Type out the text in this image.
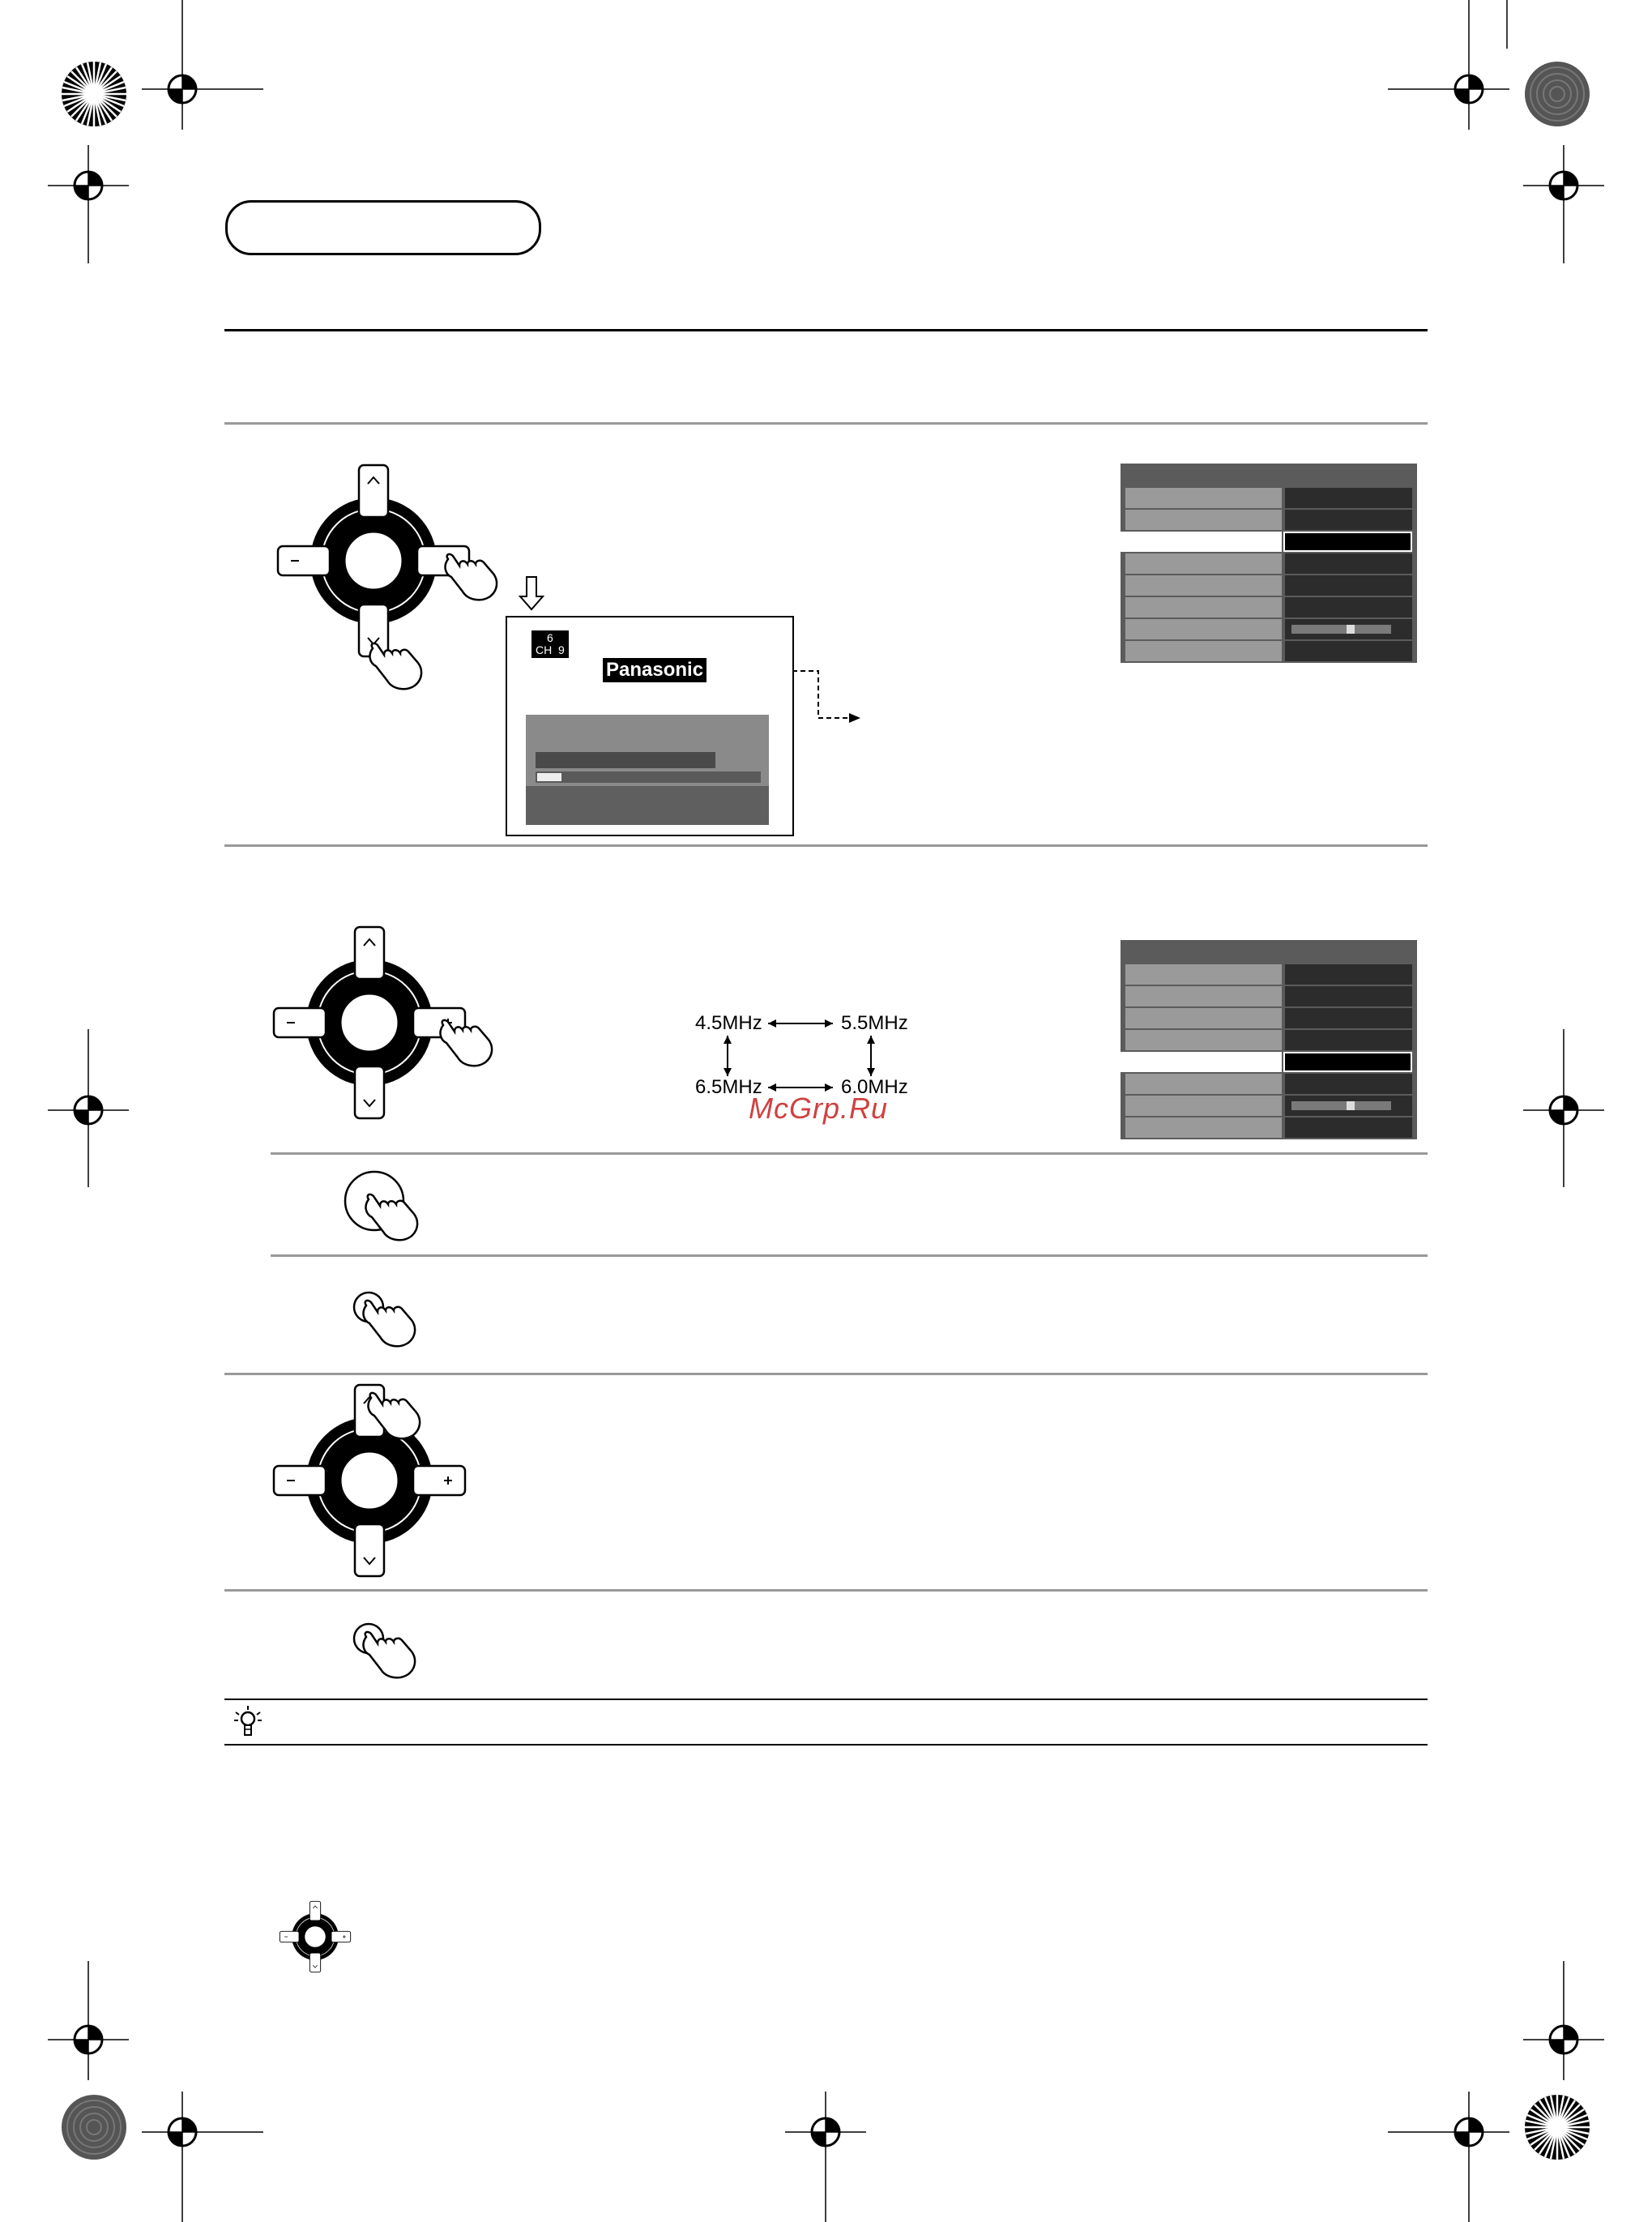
6
CH  9
Panasonic
4.5MHz	5.5MHz
6.5MHz	6.0MHz
McGrp.Ru
